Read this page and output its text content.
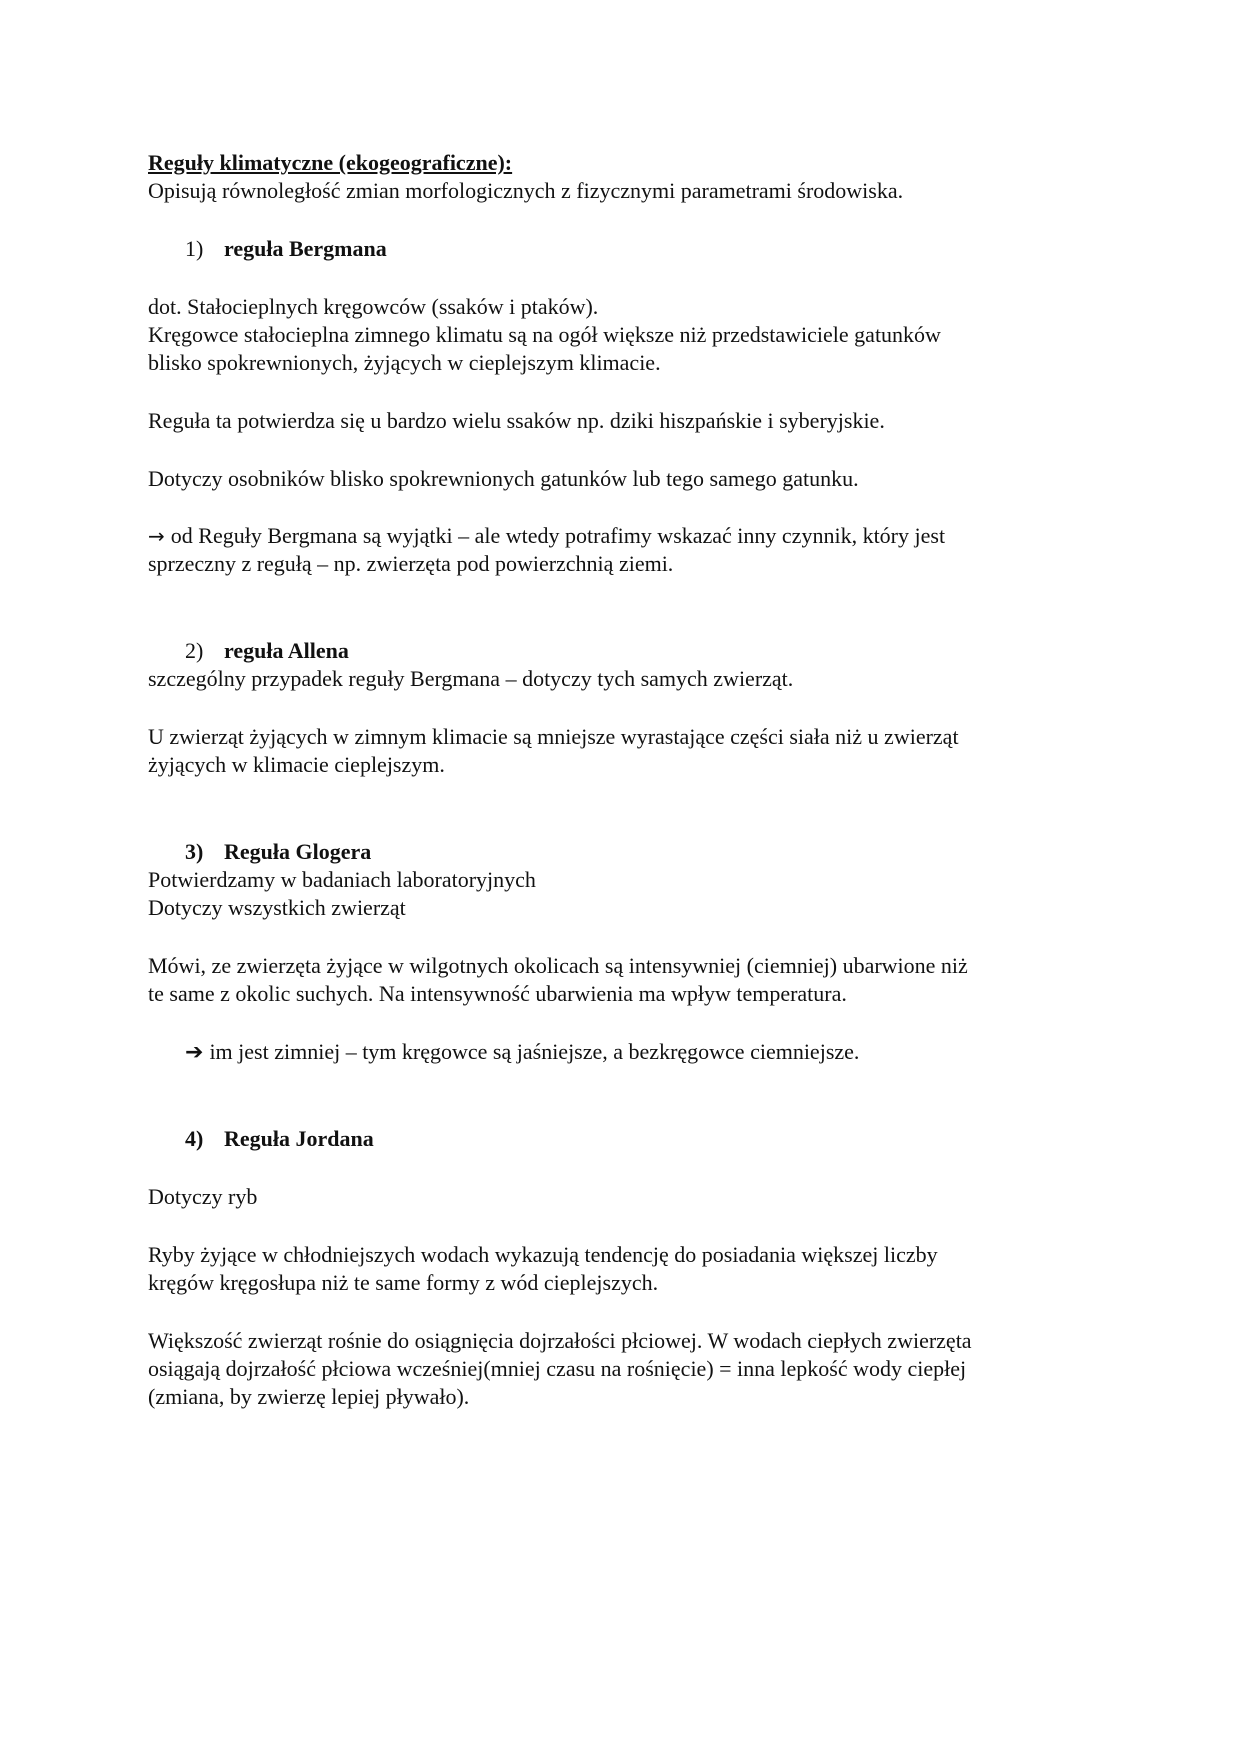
Reguły klimatyczne (ekogeograficzne):
Opisują równoległość zmian morfologicznych z fizycznymi parametrami środowiska.
1) reguła Bergmana
dot. Stałocieplnych kręgowców (ssaków i ptaków).
Kręgowce stałocieplna zimnego klimatu są na ogół większe niż przedstawiciele gatunków
blisko spokrewnionych, żyjących w cieplejszym klimacie.
Reguła ta potwierdza się u bardzo wielu ssaków np. dziki hiszpańskie i syberyjskie.
Dotyczy osobników blisko spokrewnionych gatunków lub tego samego gatunku.
→ od Reguły Bergmana są wyjątki – ale wtedy potrafimy wskazać inny czynnik, który jest
sprzeczny z regułą – np. zwierzęta pod powierzchnią ziemi.
2) reguła Allena
szczególny przypadek reguły Bergmana – dotyczy tych samych zwierząt.
U zwierząt żyjących w zimnym klimacie są mniejsze wyrastające części siała niż u zwierząt
żyjących w klimacie cieplejszym.
3) Reguła Glogera
Potwierdzamy w badaniach laboratoryjnych
Dotyczy wszystkich zwierząt
Mówi, ze zwierzęta żyjące w wilgotnych okolicach są intensywniej (ciemniej) ubarwione niż
te same z okolic suchych. Na intensywność ubarwienia ma wpływ temperatura.
➔ im jest zimniej – tym kręgowce są jaśniejsze, a bezkręgowce ciemniejsze.
4) Reguła Jordana
Dotyczy ryb
Ryby żyjące w chłodniejszych wodach wykazują tendencję do posiadania większej liczby
kręgów kręgosłupa niż te same formy z wód cieplejszych.
Większość zwierząt rośnie do osiągnięcia dojrzałości płciowej. W wodach ciepłych zwierzęta
osiągają dojrzałość płciowa wcześniej(mniej czasu na rośnięcie) = inna lepkość wody ciepłej
(zmiana, by zwierzę lepiej pływało).
